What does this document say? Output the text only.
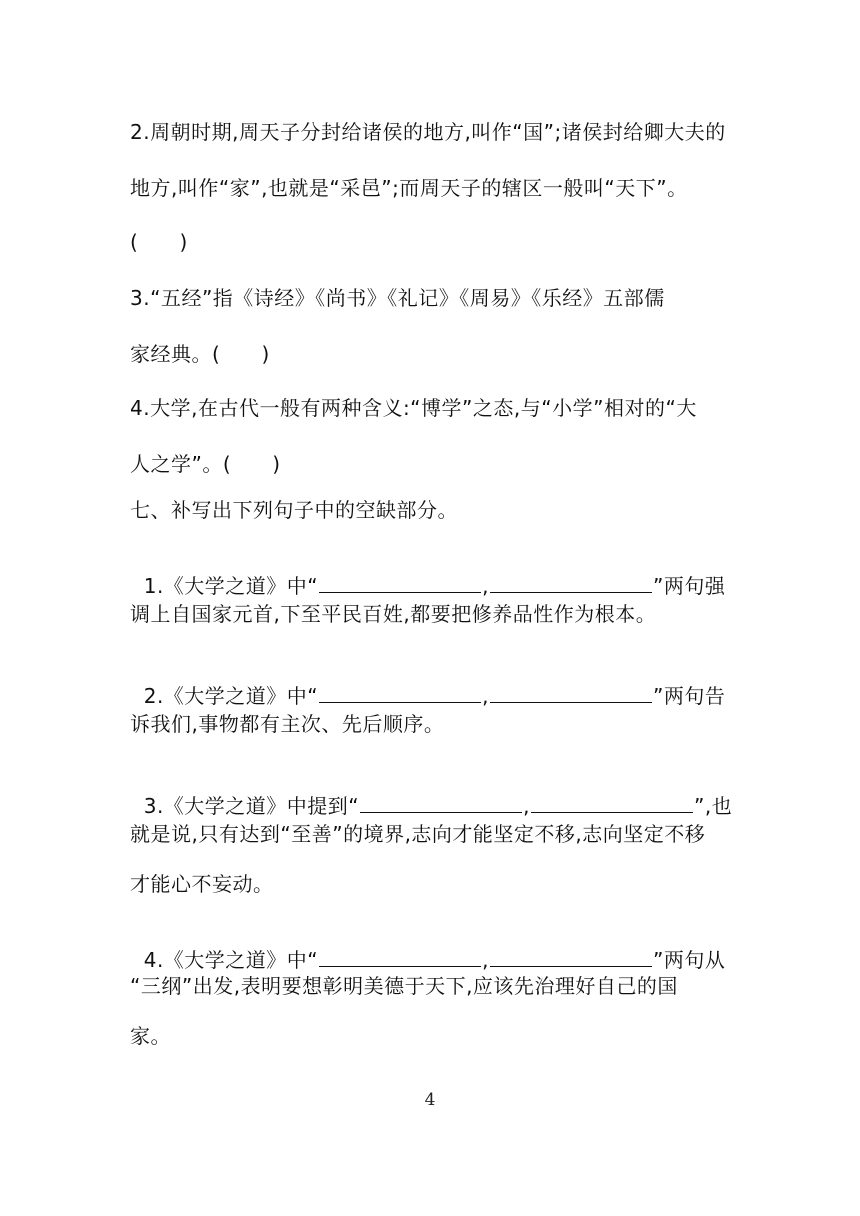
2.周朝时期,周天子分封给诸侯的地方,叫作“国”;诸侯封给卿大夫的
地方,叫作“家”,也就是“采邑”;而周天子的辖区一般叫“天下”。
(      )
3.“五经”指《诗经》《尚书》《礼记》《周易》《乐经》五部儒
家经典。(      )
4.大学,在古代一般有两种含义:“博学”之态,与“小学”相对的“大
人之学”。(      )
七、补写出下列句子中的空缺部分。

1.《大学之道》中“	,	”两句强

调上自国家元首,下至平民百姓,都要把修养品性作为根本。

2.《大学之道》中“	,	”两句告

诉我们,事物都有主次、先后顺序。

3.《大学之道》中提到“	,	”,也

就是说,只有达到“至善”的境界,志向才能坚定不移,志向坚定不移
才能心不妄动。

4.《大学之道》中“	,	”两句从

“三纲”出发,表明要想彰明美德于天下,应该先治理好自己的国
家。
4
